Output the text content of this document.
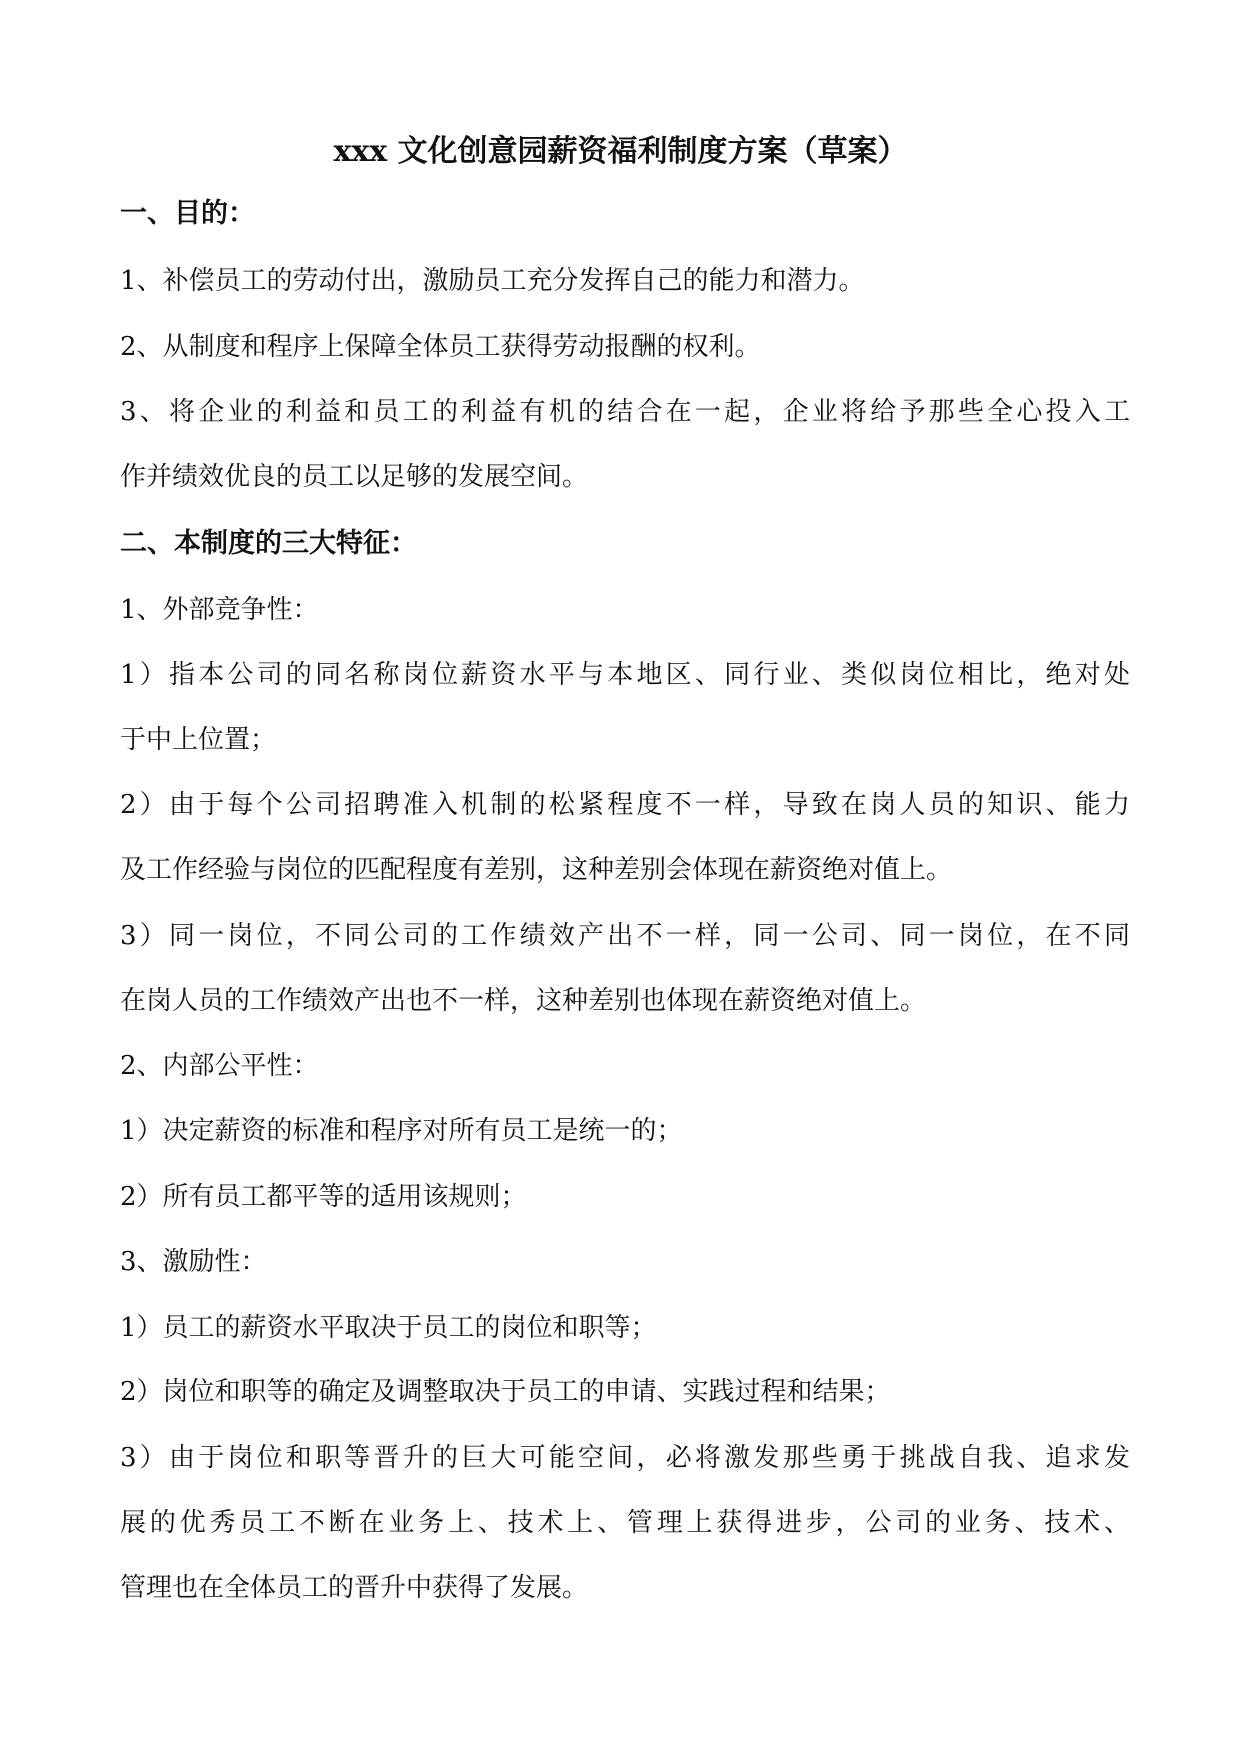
xxx 文化创意园薪资福利制度方案（草案）
一、目的：
1、补偿员工的劳动付出，激励员工充分发挥自己的能力和潜力。
2、从制度和程序上保障全体员工获得劳动报酬的权利。
3、将企业的利益和员工的利益有机的结合在一起，企业将给予那些全心投入工
作并绩效优良的员工以足够的发展空间。
二、本制度的三大特征：
1、外部竞争性：
1）指本公司的同名称岗位薪资水平与本地区、同行业、类似岗位相比，绝对处
于中上位置；
2）由于每个公司招聘准入机制的松紧程度不一样，导致在岗人员的知识、能力
及工作经验与岗位的匹配程度有差别，这种差别会体现在薪资绝对值上。
3）同一岗位，不同公司的工作绩效产出不一样，同一公司、同一岗位，在不同
在岗人员的工作绩效产出也不一样，这种差别也体现在薪资绝对值上。
2、内部公平性：
1）决定薪资的标准和程序对所有员工是统一的；
2）所有员工都平等的适用该规则；
3、激励性：
1）员工的薪资水平取决于员工的岗位和职等；
2）岗位和职等的确定及调整取决于员工的申请、实践过程和结果；
3）由于岗位和职等晋升的巨大可能空间，必将激发那些勇于挑战自我、追求发
展的优秀员工不断在业务上、技术上、管理上获得进步，公司的业务、技术、
管理也在全体员工的晋升中获得了发展。
